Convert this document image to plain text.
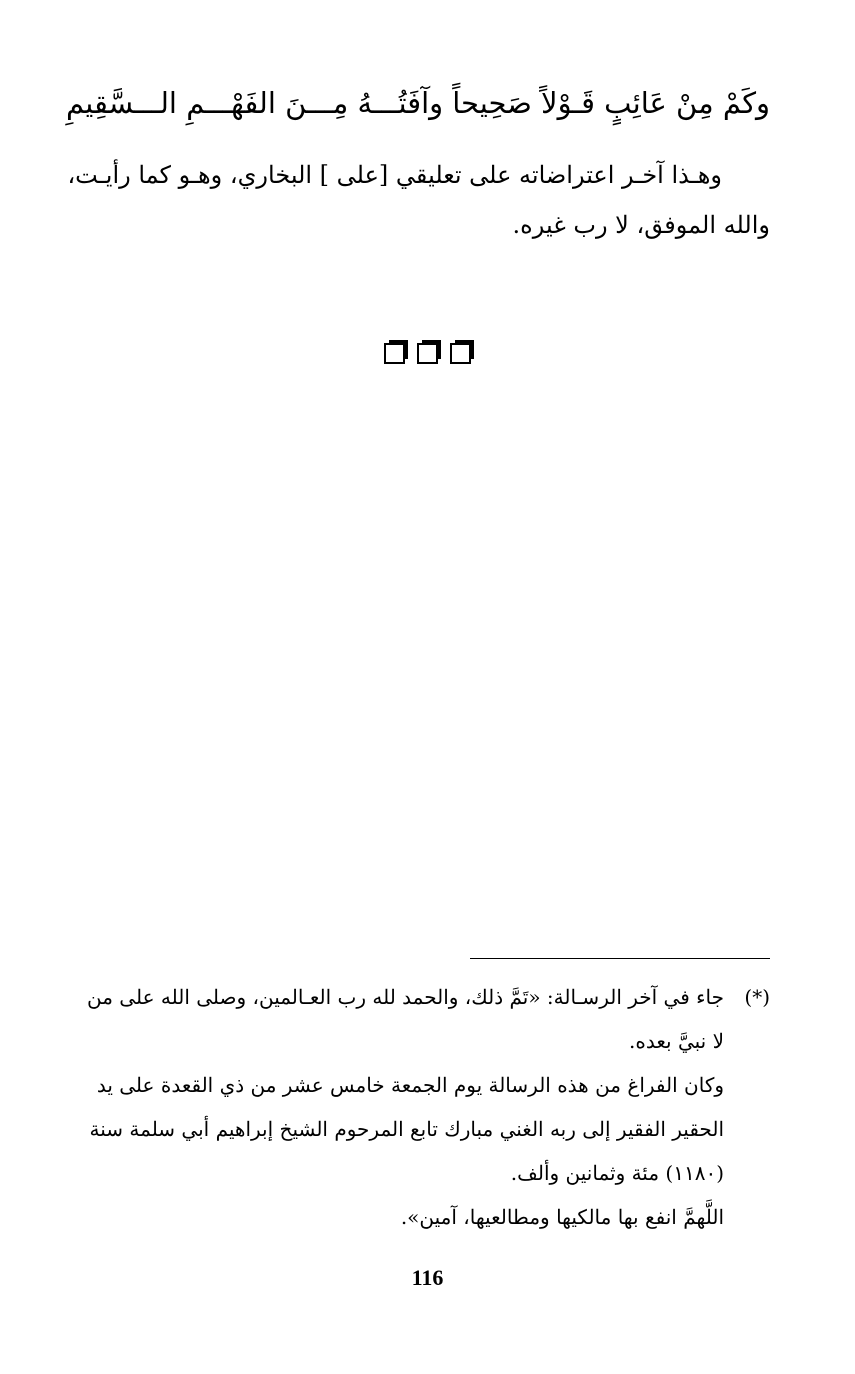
وكَمْ مِنْ عَائِبٍ قَـوْلاً صَحِيحاً
وآفَتُـــهُ مِـــنَ الفَهْـــمِ الـــسَّقِيمِ

وهـذا آخـر اعتراضاته على تعليقي [على ] البخاري، وهـو كما رأيـت،

والله الموفق، لا رب غيره.

(*)
جاء في آخر الرسـالة: «تَمَّ ذلك، والحمد لله رب العـالمين، وصلى الله على من

لا نبيَّ بعده.

وكان الفراغ من هذه الرسالة يوم الجمعة خامس عشر من ذي القعدة على يد

الحقير الفقير إلى ربه الغني مبارك تابع المرحوم الشيخ إبراهيم أبي سلمة سنة

(١١٨٠) مئة وثمانين وألف.

اللَّهمَّ انفع بها مالكيها ومطالعيها، آمين».

116
